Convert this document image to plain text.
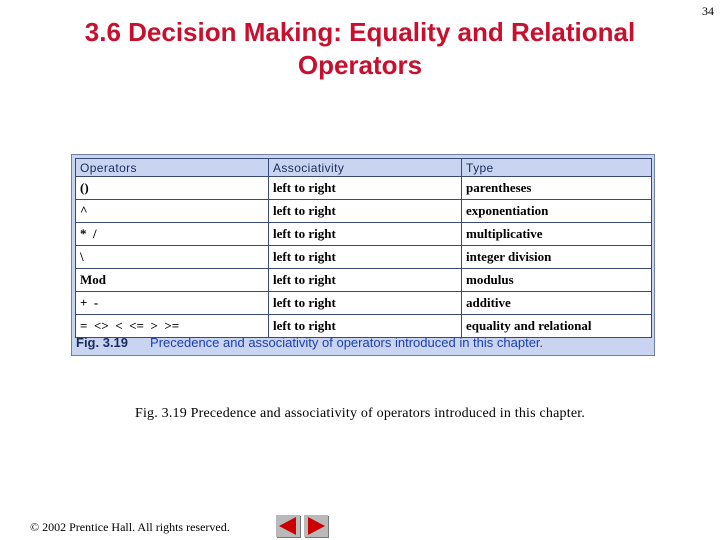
34
3.6 Decision Making: Equality and Relational Operators
Operators	Associativity	Type
()	left to right	parentheses
^	left to right	exponentiation
*  /	left to right	multiplicative
\	left to right	integer division
Mod	left to right	modulus
+  -	left to right	additive
=  <>  <  <=  >  >=	left to right	equality and relational
Fig. 3.19 Precedence and associativity of operators introduced in this chapter.
Fig. 3.19 Precedence and associativity of operators introduced in this chapter.
© 2002 Prentice Hall. All rights reserved.
